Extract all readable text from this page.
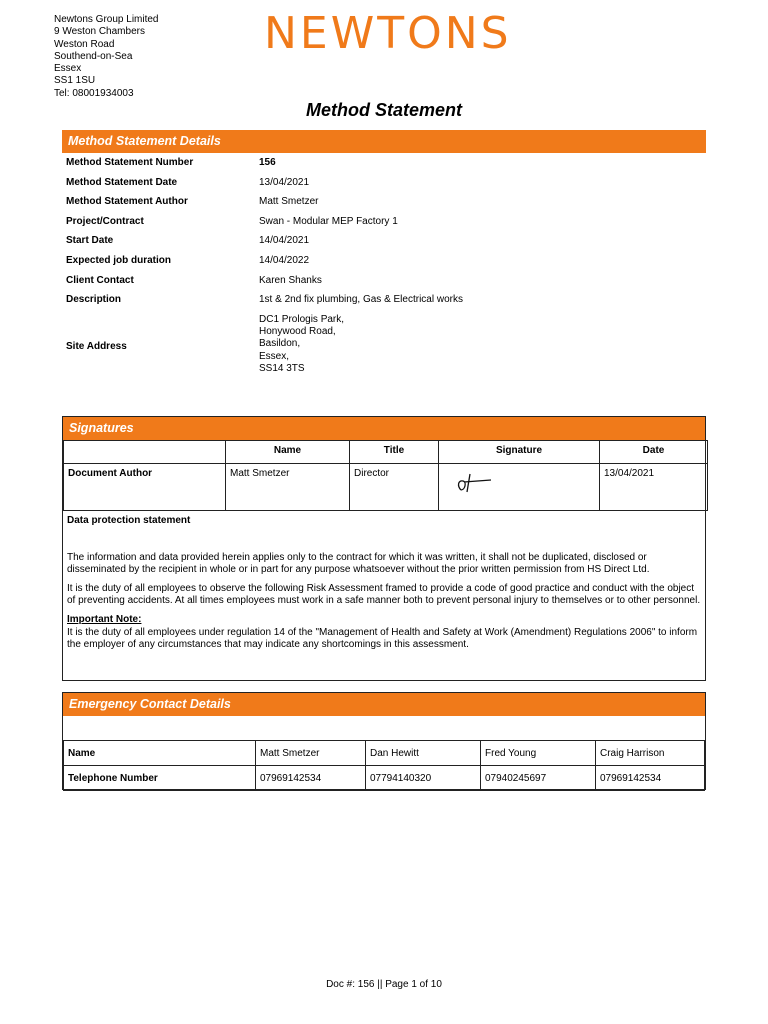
Newtons Group Limited
9 Weston Chambers
Weston Road
Southend-on-Sea
Essex
SS1 1SU
Tel: 08001934003
NEWTONS
Method Statement
Method Statement Details
Method Statement Number	156
Method Statement Date	13/04/2021
Method Statement Author	Matt Smetzer
Project/Contract	Swan - Modular MEP Factory 1
Start Date	14/04/2021
Expected job duration	14/04/2022
Client Contact	Karen Shanks
Description	1st & 2nd fix plumbing, Gas & Electrical works
Site Address
DC1 Prologis Park,
Honywood Road,
Basildon,
Essex,
SS14 3TS
Signatures
	Name	Title	Signature	Date
Document Author	Matt Smetzer	Director		13/04/2021
Data protection statement
The information and data provided herein applies only to the contract for which it was written, it shall not be duplicated, disclosed or disseminated by the recipient in whole or in part for any purpose whatsoever without the prior written permission from HS Direct Ltd.
It is the duty of all employees to observe the following Risk Assessment framed to provide a code of good practice and conduct with the object of preventing accidents. At all times employees must work in a safe manner both to prevent personal injury to themselves or to other personnel.
Important Note:
It is the duty of all employees under regulation 14 of the "Management of Health and Safety at Work (Amendment) Regulations 2006" to inform the employer of any circumstances that may indicate any shortcomings in this assessment.
Emergency Contact Details
Name	Matt Smetzer	Dan Hewitt	Fred Young	Craig Harrison
Telephone Number	07969142534	07794140320	07940245697	07969142534
Doc #: 156 || Page 1 of 10
